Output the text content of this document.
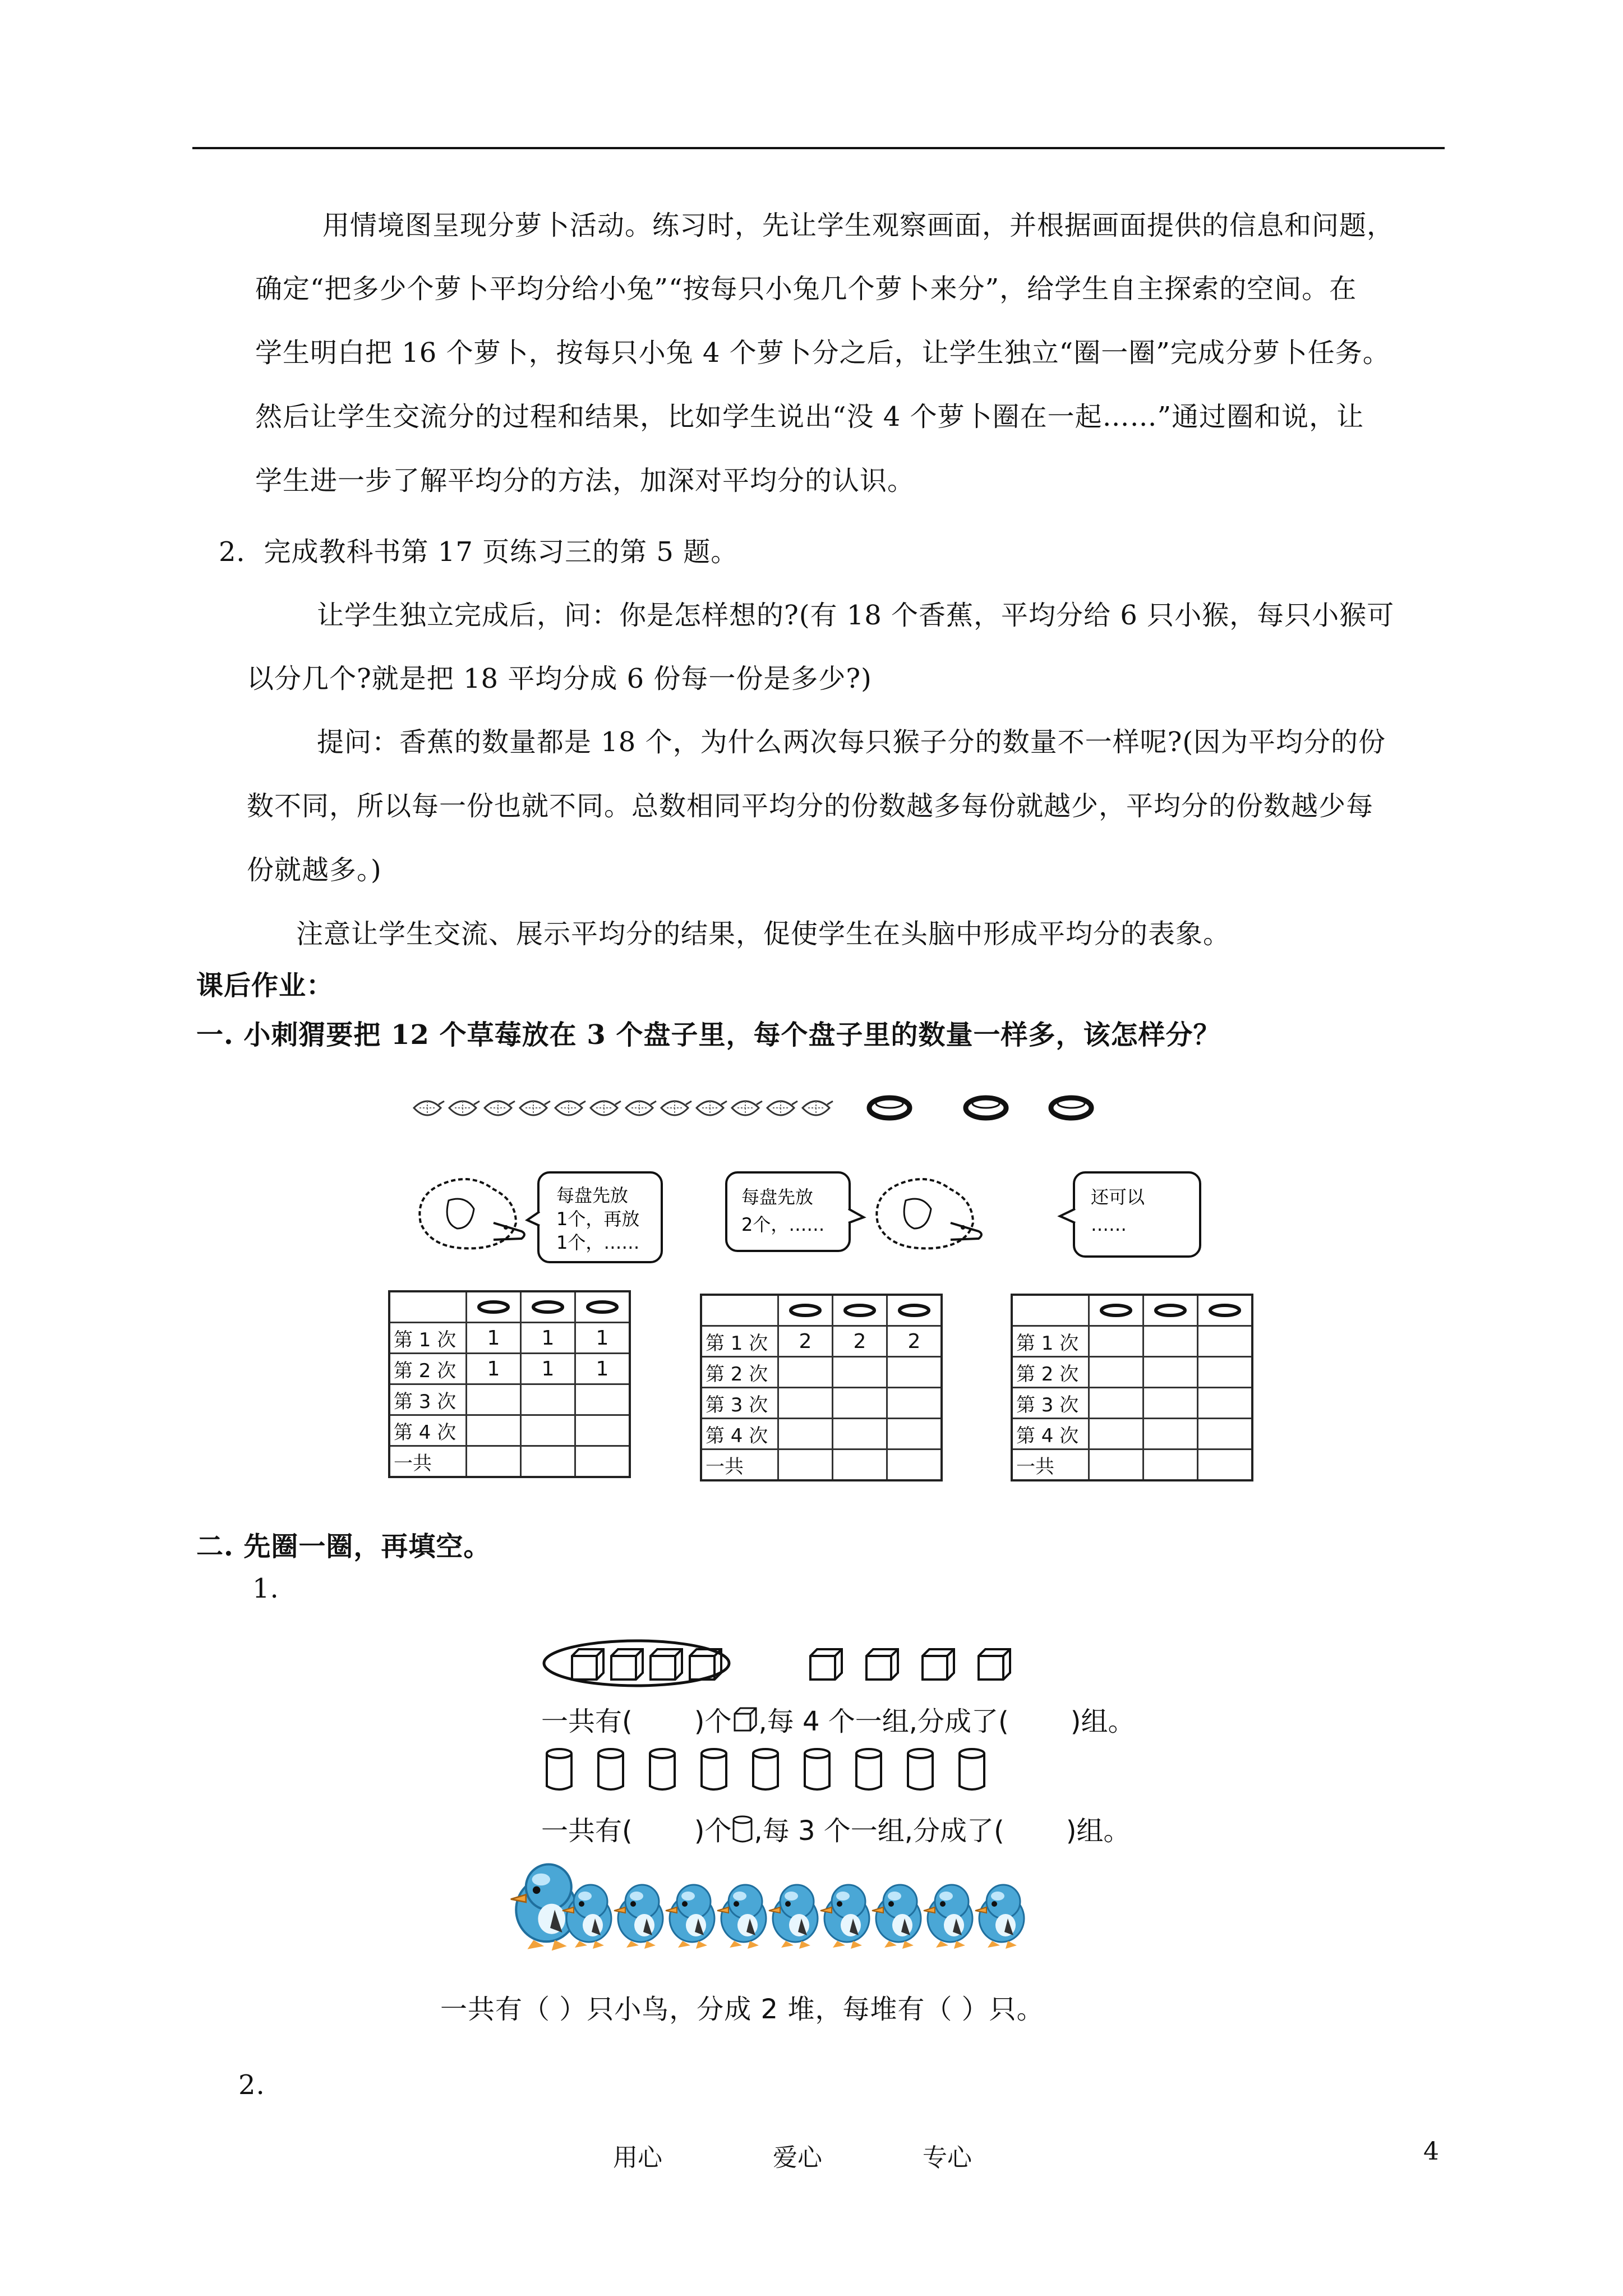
用情境图呈现分萝卜活动。练习时，先让学生观察画面，并根据画面提供的信息和问题，
确定“把多少个萝卜平均分给小兔”“按每只小兔几个萝卜来分”，给学生自主探索的空间。在
学生明白把 16 个萝卜，按每只小兔 4 个萝卜分之后，让学生独立“圈一圈”完成分萝卜任务。
然后让学生交流分的过程和结果，比如学生说出“没 4 个萝卜圈在一起……”通过圈和说，让
学生进一步了解平均分的方法，加深对平均分的认识。
2．完成教科书第 17 页练习三的第 5 题。
让学生独立完成后，问：你是怎样想的?(有 18 个香蕉，平均分给 6 只小猴，每只小猴可
以分几个?就是把 18 平均分成 6 份每一份是多少?)
提问：香蕉的数量都是 18 个，为什么两次每只猴子分的数量不一样呢?(因为平均分的份
数不同，所以每一份也就不同。总数相同平均分的份数越多每份就越少，平均分的份数越少每
份就越多。)
注意让学生交流、展示平均分的结果，促使学生在头脑中形成平均分的表象。
课后作业：
一. 小刺猬要把 12 个草莓放在 3 个盘子里，每个盘子里的数量一样多，该怎样分？
每盘先放
1个，再放
1个，……
每盘先放
2个，……
还可以
……

第 1 次	1	1	1
第 2 次	1	1	1
第 3 次			
第 4 次			
一共			

第 1 次	2	2	2
第 2 次			
第 3 次			
第 4 次			
一共			

第 1 次			
第 2 次			
第 3 次			
第 4 次			
一共			
二. 先圈一圈，再填空。
1.
一共有( )个 ,每 4 个一组,分成了( )组。
一共有( )个 ,每 3 个一组,分成了( )组。
一共有（ ）只小鸟，分成 2 堆，每堆有（ ）只。
2.
用心	爱心	专心	4
